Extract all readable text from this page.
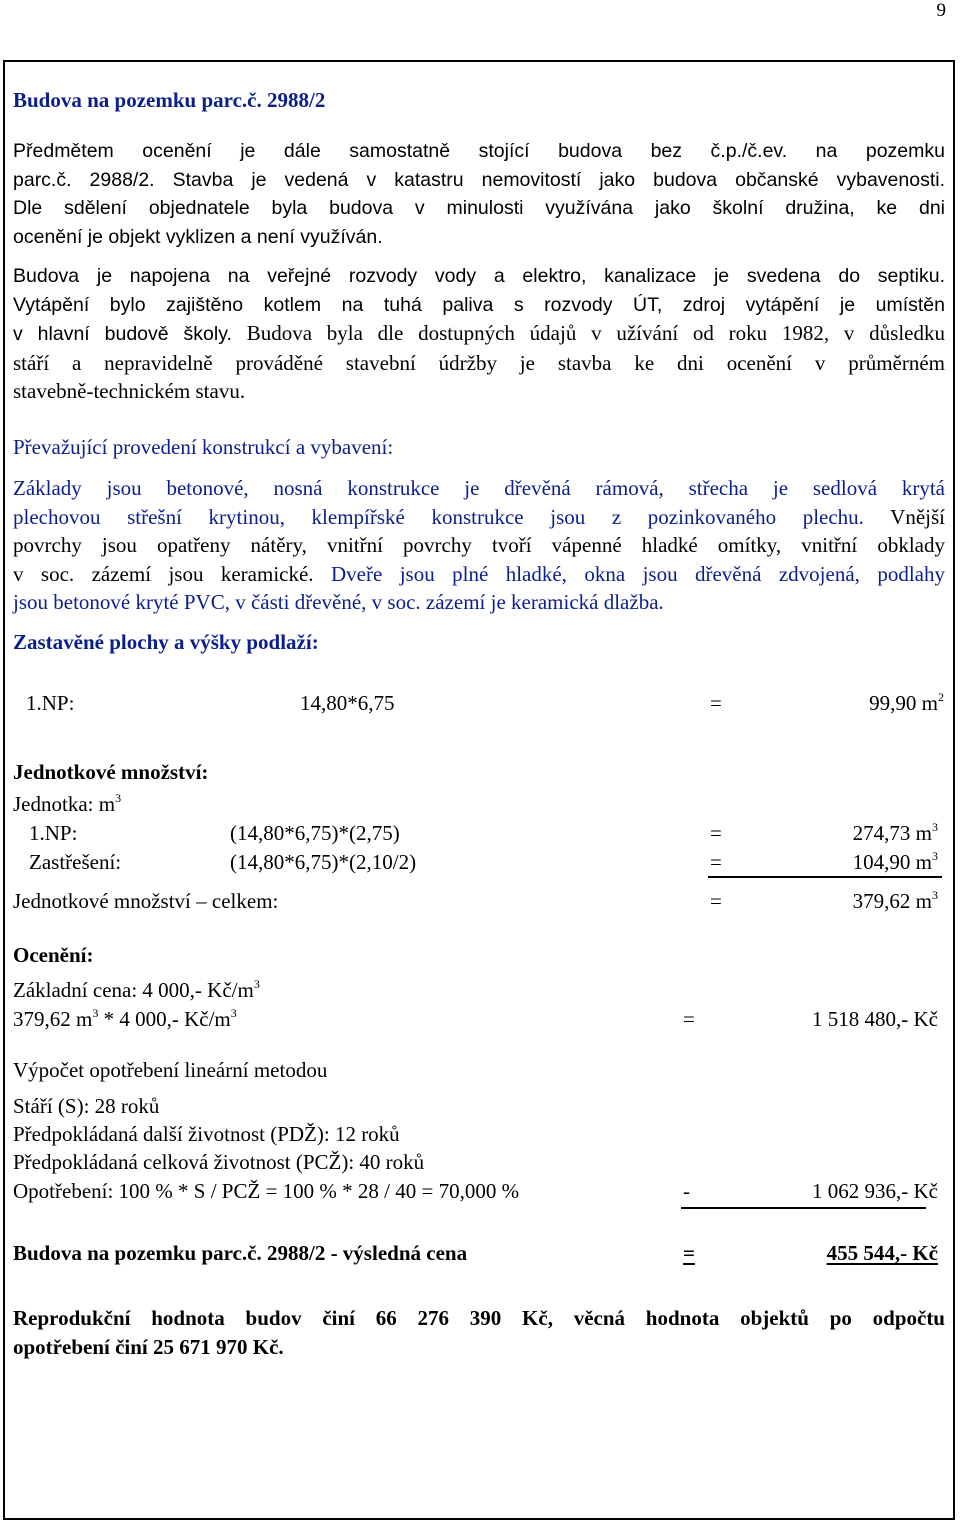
9
Budova na pozemku parc.č. 2988/2
Předmětem ocenění je dále samostatně stojící budova bez č.p./č.ev. na pozemku
parc.č. 2988/2. Stavba je vedená v katastru nemovitostí jako budova občanské vybavenosti.
Dle sdělení objednatele byla budova v minulosti využívána jako školní družina, ke dni
ocenění je objekt vyklizen a není využíván.
Budova je napojena na veřejné rozvody vody a elektro, kanalizace je svedena do septiku.
Vytápění bylo zajištěno kotlem na tuhá paliva s rozvody ÚT, zdroj vytápění je umístěn
v hlavní budově školy. Budova byla dle dostupných údajů v užívání od roku 1982, v důsledku
stáří a nepravidelně prováděné stavební údržby je stavba ke dni ocenění v průměrném
stavebně-technickém stavu.
Převažující provedení konstrukcí a vybavení:
Základy jsou betonové, nosná konstrukce je dřevěná rámová, střecha je sedlová krytá
plechovou střešní krytinou, klempířské konstrukce jsou z pozinkovaného plechu. Vnější
povrchy jsou opatřeny nátěry, vnitřní povrchy tvoří vápenné hladké omítky, vnitřní obklady
v soc. zázemí jsou keramické. Dveře jsou plné hladké, okna jsou dřevěná zdvojená, podlahy
jsou betonové kryté PVC, v části dřevěné, v soc. zázemí je keramická dlažba.
Zastavěné plochy a výšky podlaží:
1.NP:	14,80*6,75	=	99,90 $m^2$
Jednotkové množství:
Jednotka: $m^3$
1.NP:	(14,80*6,75)*(2,75)	=	274,73 $m^3$
Zastřešení:	(14,80*6,75)*(2,10/2)	=	104,90 $m^3$
Jednotkové množství – celkem:	=	379,62 $m^3$
Ocenění:
Základní cena: 4 000,- $Kč/m^3$
379,62 $m^3 * 4$ 000,- $Kč/m^3$	=	1 518 480,- Kč
Výpočet opotřebení lineární metodou
Stáří (S): 28 roků
Předpokládaná další životnost (PDŽ): 12 roků
Předpokládaná celková životnost (PCŽ): 40 roků
Opotřebení: 100 % * S / PCŽ = 100 % * 28 / 40 = 70,000 %	-	1 062 936,- Kč
Budova na pozemku parc.č. 2988/2 - výsledná cena	=	455 544,- Kč
Reprodukční hodnota budov činí 66 276 390 Kč, věcná hodnota objektů po odpočtu
opotřebení činí 25 671 970 Kč.
